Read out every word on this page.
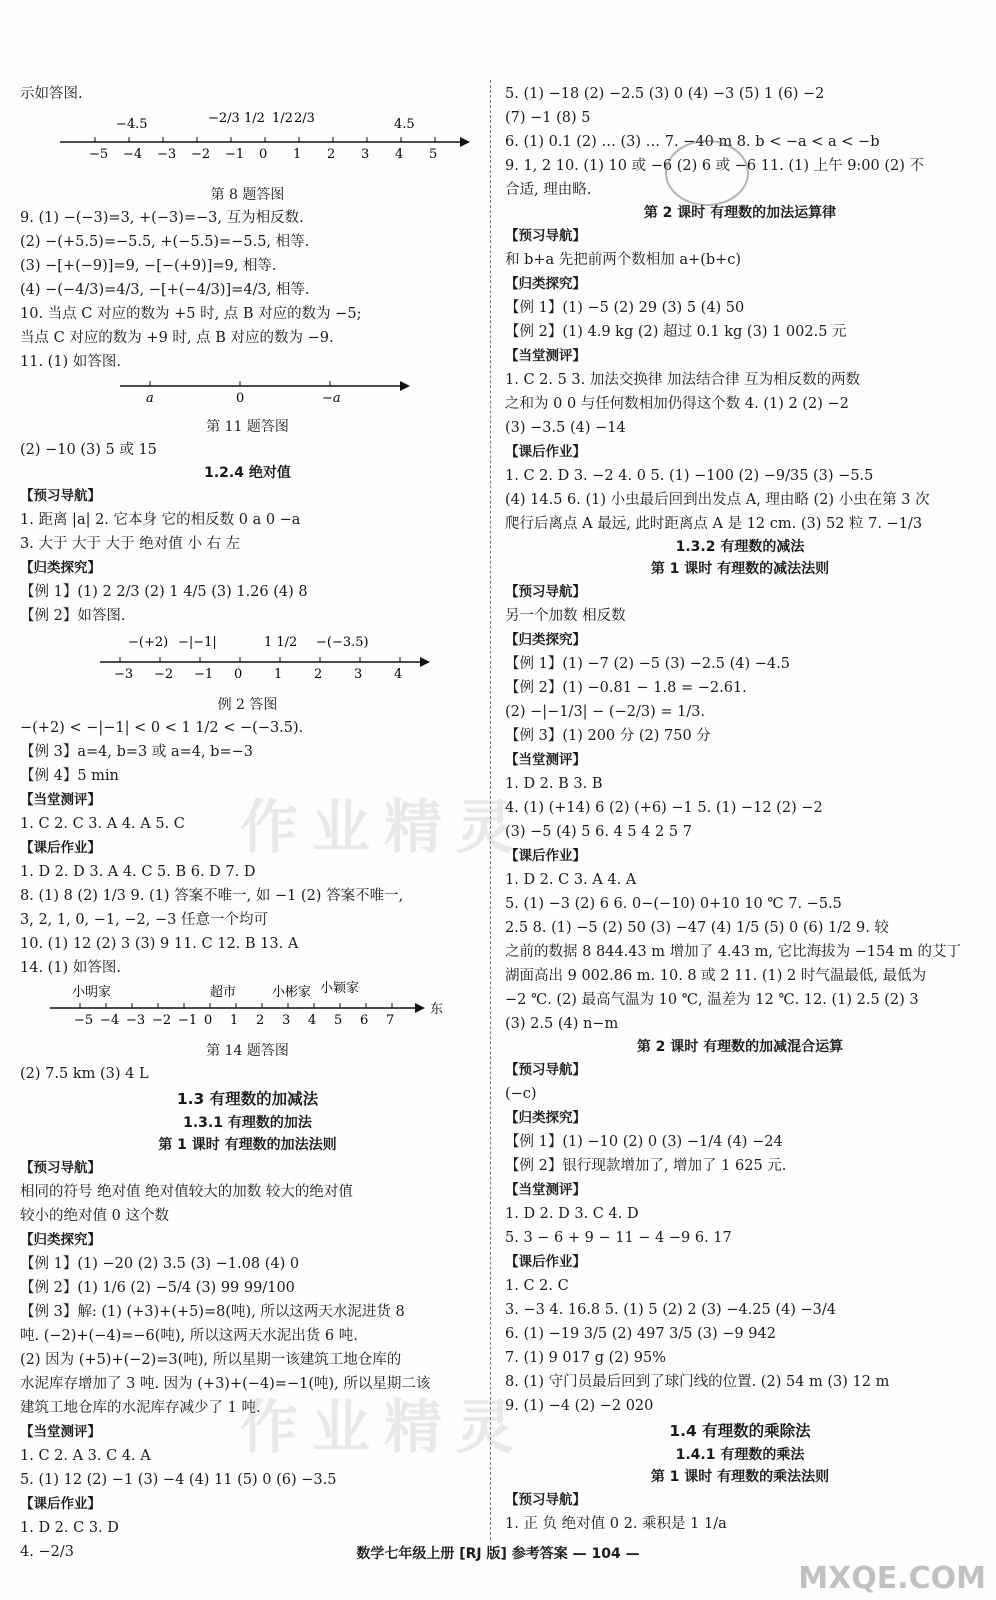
示如答图.
−5 −4 −3 −2 −1 0 1 2 3 4 5
−4.5	−2/3 1/2 1/2 2/3	4.5
第 8 题答图
9. (1) −(−3)=3, +(−3)=−3, 互为相反数.
(2) −(+5.5)=−5.5, +(−5.5)=−5.5, 相等.
(3) −[+(−9)]=9, −[−(+9)]=9, 相等.
(4) −(−4/3)=4/3, −[+(−4/3)]=4/3, 相等.
10. 当点 C 对应的数为 +5 时, 点 B 对应的数为 −5;
当点 C 对应的数为 +9 时, 点 B 对应的数为 −9.
11. (1) 如答图.
a	0	−a
第 11 题答图
(2) −10 (3) 5 或 15
1.2.4 绝对值
【预习导航】
1. 距离 |a| 2. 它本身 它的相反数 0 a 0 −a
3. 大于 大于 大于 绝对值 小 右 左
【归类探究】
【例 1】(1) 2 2/3 (2) 1 4/5 (3) 1.26 (4) 8
【例 2】如答图.
−3 −2 −1 0 1 2 3 4
−(+2) −|−1|	1 1/2 −(−3.5)
例 2 答图
−(+2) < −|−1| < 0 < 1 1/2 < −(−3.5).
【例 3】a=4, b=3 或 a=4, b=−3
【例 4】5 min
【当堂测评】
1. C 2. C 3. A 4. A 5. C
【课后作业】
1. D 2. D 3. A 4. C 5. B 6. D 7. D
8. (1) 8 (2) 1/3 9. (1) 答案不唯一, 如 −1 (2) 答案不唯一,
3, 2, 1, 0, −1, −2, −3 任意一个均可
10. (1) 12 (2) 3 (3) 9 11. C 12. B 13. A
14. (1) 如答图.
−5 −4 −3 −2 −1 0 1 2 3 4 5 6 7
小明家	超市	小彬家 小颖家
东
第 14 题答图
(2) 7.5 km (3) 4 L
1.3 有理数的加减法
1.3.1 有理数的加法
第 1 课时 有理数的加法法则
【预习导航】
相同的符号 绝对值 绝对值较大的加数 较大的绝对值
较小的绝对值 0 这个数
【归类探究】
【例 1】(1) −20 (2) 3.5 (3) −1.08 (4) 0
【例 2】(1) 1/6 (2) −5/4 (3) 99 99/100
【例 3】解: (1) (+3)+(+5)=8(吨), 所以这两天水泥进货 8
吨. (−2)+(−4)=−6(吨), 所以这两天水泥出货 6 吨.
(2) 因为 (+5)+(−2)=3(吨), 所以星期一该建筑工地仓库的
水泥库存增加了 3 吨. 因为 (+3)+(−4)=−1(吨), 所以星期二该
建筑工地仓库的水泥库存减少了 1 吨.
【当堂测评】
1. C 2. A 3. C 4. A
5. (1) 12 (2) −1 (3) −4 (4) 11 (5) 0 (6) −3.5
【课后作业】
1. D 2. C 3. D
4. −2/3
5. (1) −18 (2) −2.5 (3) 0 (4) −3 (5) 1 (6) −2
(7) −1 (8) 5
6. (1) 0.1 (2) … (3) … 7. −40 m 8. b < −a < a < −b
9. 1, 2 10. (1) 10 或 −6 (2) 6 或 −6 11. (1) 上午 9:00 (2) 不
合适, 理由略.
第 2 课时 有理数的加法运算律
【预习导航】
和 b+a 先把前两个数相加 a+(b+c)
【归类探究】
【例 1】(1) −5 (2) 29 (3) 5 (4) 50
【例 2】(1) 4.9 kg (2) 超过 0.1 kg (3) 1 002.5 元
【当堂测评】
1. C 2. 5 3. 加法交换律 加法结合律 互为相反数的两数
之和为 0 0 与任何数相加仍得这个数 4. (1) 2 (2) −2
(3) −3.5 (4) −14
【课后作业】
1. C 2. D 3. −2 4. 0 5. (1) −100 (2) −9/35 (3) −5.5
(4) 14.5 6. (1) 小虫最后回到出发点 A, 理由略 (2) 小虫在第 3 次
爬行后离点 A 最远, 此时距离点 A 是 12 cm. (3) 52 粒 7. −1/3
1.3.2 有理数的减法
第 1 课时 有理数的减法法则
【预习导航】
另一个加数 相反数
【归类探究】
【例 1】(1) −7 (2) −5 (3) −2.5 (4) −4.5
【例 2】(1) −0.81 − 1.8 = −2.61.
(2) −|−1/3| − (−2/3) = 1/3.
【例 3】(1) 200 分 (2) 750 分
【当堂测评】
1. D 2. B 3. B
4. (1) (+14) 6 (2) (+6) −1 5. (1) −12 (2) −2
(3) −5 (4) 5 6. 4 5 4 2 5 7
【课后作业】
1. D 2. C 3. A 4. A
5. (1) −3 (2) 6 6. 0−(−10) 0+10 10 ℃ 7. −5.5
2.5 8. (1) −5 (2) 50 (3) −47 (4) 1/5 (5) 0 (6) 1/2 9. 较
之前的数据 8 844.43 m 增加了 4.43 m, 它比海拔为 −154 m 的艾丁
湖面高出 9 002.86 m. 10. 8 或 2 11. (1) 2 时气温最低, 最低为
−2 ℃. (2) 最高气温为 10 ℃, 温差为 12 ℃. 12. (1) 2.5 (2) 3
(3) 2.5 (4) n−m
第 2 课时 有理数的加减混合运算
【预习导航】
(−c)
【归类探究】
【例 1】(1) −10 (2) 0 (3) −1/4 (4) −24
【例 2】银行现款增加了, 增加了 1 625 元.
【当堂测评】
1. D 2. D 3. C 4. D
5. 3 − 6 + 9 − 11 − 4 −9 6. 17
【课后作业】
1. C 2. C
3. −3 4. 16.8 5. (1) 5 (2) 2 (3) −4.25 (4) −3/4
6. (1) −19 3/5 (2) 497 3/5 (3) −9 942
7. (1) 9 017 g (2) 95%
8. (1) 守门员最后回到了球门线的位置. (2) 54 m (3) 12 m
9. (1) −4 (2) −2 020
1.4 有理数的乘除法
1.4.1 有理数的乘法
第 1 课时 有理数的乘法法则
【预习导航】
1. 正 负 绝对值 0 2. 乘积是 1 1/a
作业精灵
作业精灵
数学七年级上册 [RJ 版] 参考答案 — 104 —
MXQE.COM
